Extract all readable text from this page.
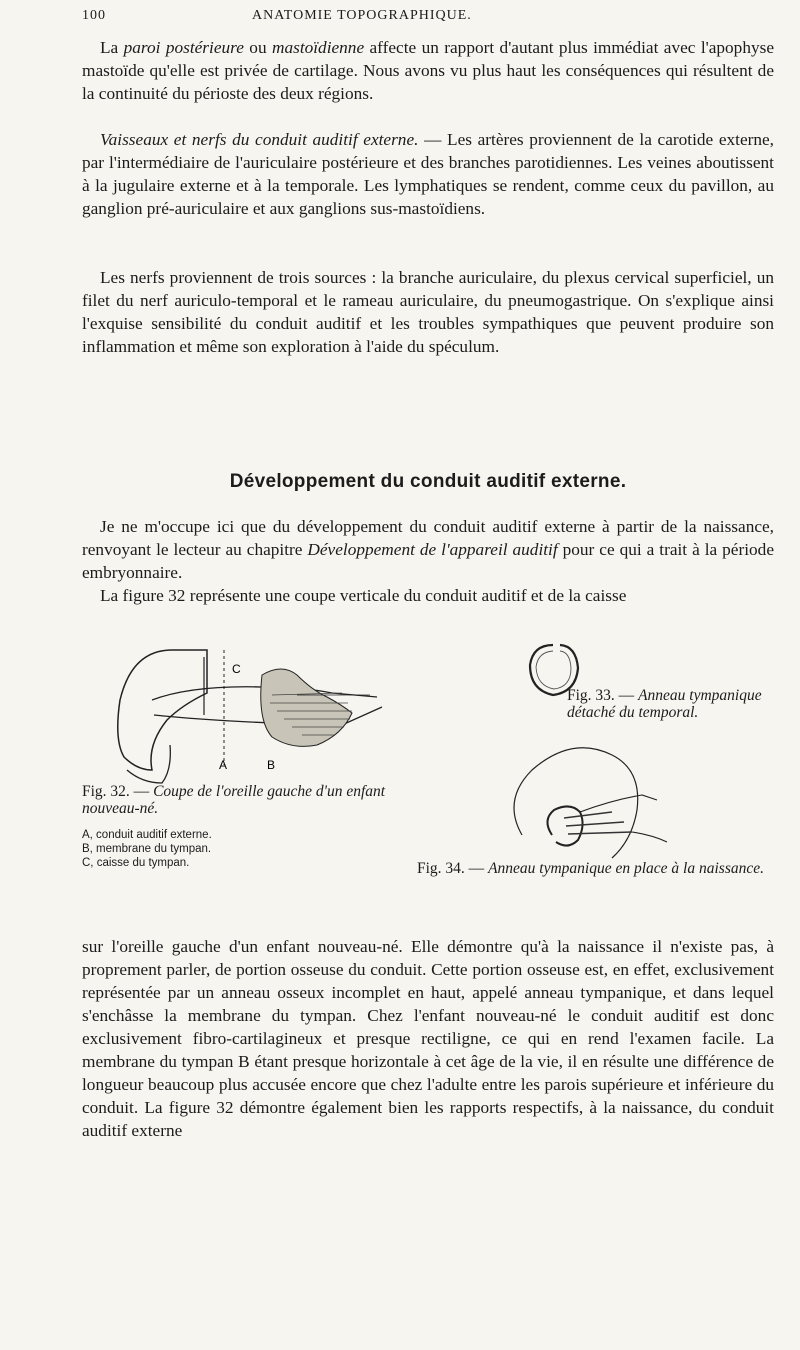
100	ANATOMIE TOPOGRAPHIQUE.

La paroi postérieure ou mastoïdienne affecte un rapport d'autant plus immédiat avec l'apophyse mastoïde qu'elle est privée de cartilage. Nous avons vu plus haut les conséquences qui résultent de la continuité du périoste des deux régions.

Vaisseaux et nerfs du conduit auditif externe. — Les artères proviennent de la carotide externe, par l'intermédiaire de l'auriculaire postérieure et des branches parotidiennes. Les veines aboutissent à la jugulaire externe et à la temporale. Les lymphatiques se rendent, comme ceux du pavillon, au ganglion pré-auriculaire et aux ganglions sus-mastoïdiens.

Les nerfs proviennent de trois sources : la branche auriculaire, du plexus cervical superficiel, un filet du nerf auriculo-temporal et le rameau auriculaire, du pneumogastrique. On s'explique ainsi l'exquise sensibilité du conduit auditif et les troubles sympathiques que peuvent produire son inflammation et même son exploration à l'aide du spéculum.

Développement du conduit auditif externe.

Je ne m'occupe ici que du développement du conduit auditif externe à partir de la naissance, renvoyant le lecteur au chapitre Développement de l'appareil auditif pour ce qui a trait à la période embryonnaire.

La figure 32 représente une coupe verticale du conduit auditif et de la caisse

C
A	B
Fig. 32. — Coupe de l'oreille gauche d'un enfant nouveau-né.
A, conduit auditif externe.
B, membrane du tympan.
C, caisse du tympan.
Fig. 33. — Anneau tympanique détaché du temporal.
Fig. 34. — Anneau tympanique en place à la naissance.

sur l'oreille gauche d'un enfant nouveau-né. Elle démontre qu'à la naissance il n'existe pas, à proprement parler, de portion osseuse du conduit. Cette portion osseuse est, en effet, exclusivement représentée par un anneau osseux incomplet en haut, appelé anneau tympanique, et dans lequel s'enchâsse la membrane du tympan. Chez l'enfant nouveau-né le conduit auditif est donc exclusivement fibro-cartilagineux et presque rectiligne, ce qui en rend l'examen facile. La membrane du tympan B étant presque horizontale à cet âge de la vie, il en résulte une différence de longueur beaucoup plus accusée encore que chez l'adulte entre les parois supérieure et inférieure du conduit. La figure 32 démontre également bien les rapports respectifs, à la naissance, du conduit auditif externe
